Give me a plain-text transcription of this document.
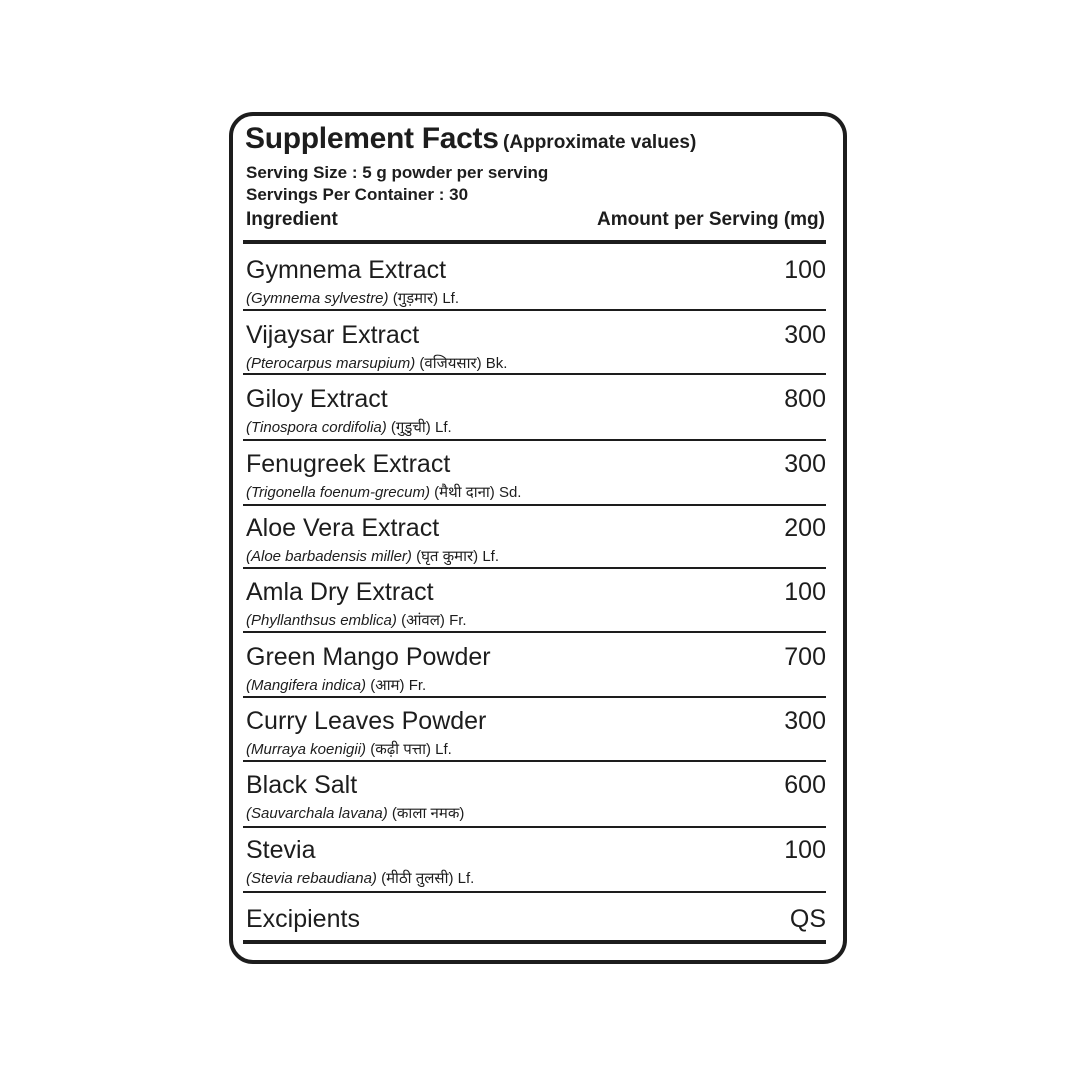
Supplement Facts (Approximate values)
Serving Size : 5 g powder per serving
Servings Per Container : 30
Ingredient	Amount per Serving (mg)
Gymnema Extract
(Gymnema sylvestre) (गुड़मार) Lf.
100
Vijaysar Extract
(Pterocarpus marsupium) (वजियसार) Bk.
300
Giloy Extract
(Tinospora cordifolia) (गुडुची) Lf.
800
Fenugreek Extract
(Trigonella foenum-grecum) (मैथी दाना) Sd.
300
Aloe Vera Extract
(Aloe barbadensis miller) (घृत कुमार) Lf.
200
Amla Dry Extract
(Phyllanthsus emblica) (आंवल) Fr.
100
Green Mango Powder
(Mangifera indica) (आम) Fr.
700
Curry Leaves Powder
(Murraya koenigii) (कढ़ी पत्ता) Lf.
300
Black Salt
(Sauvarchala lavana) (काला नमक)
600
Stevia
(Stevia rebaudiana) (मीठी तुलसी) Lf.
100
Excipients	QS
